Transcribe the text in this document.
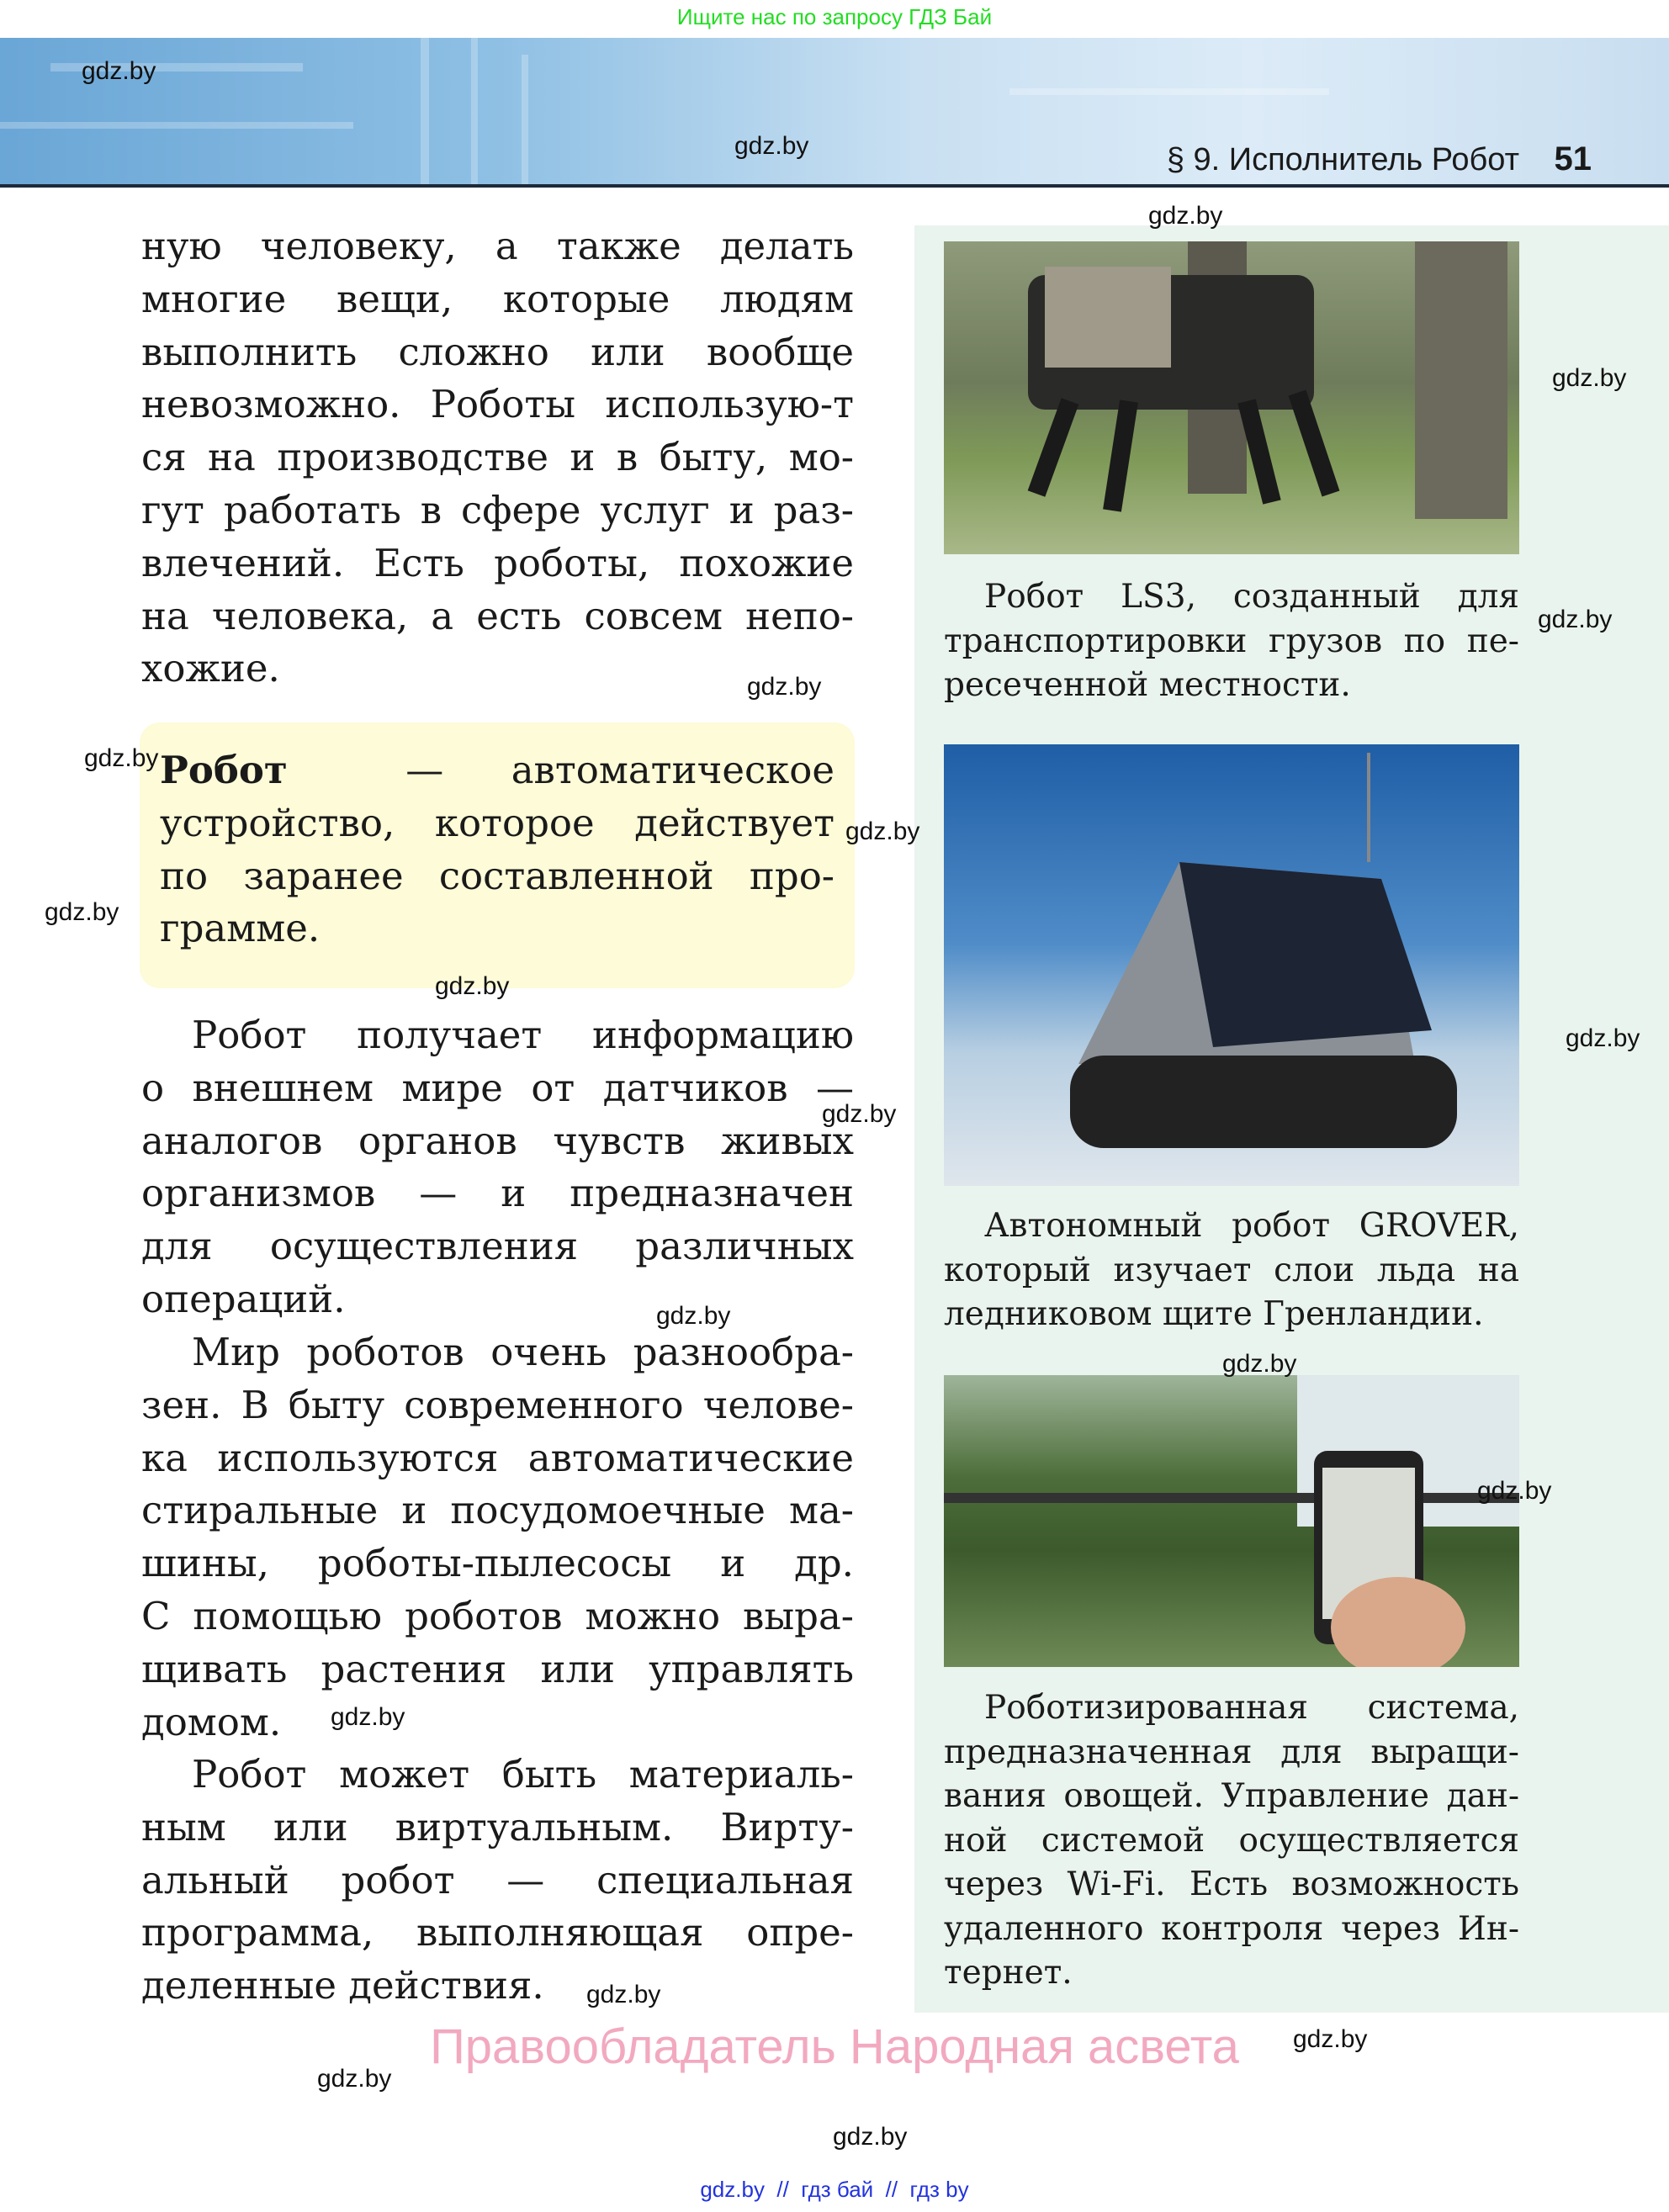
Ищите нас по запросу ГДЗ Бай
§ 9. Исполнитель Робот 51
ную человеку, а также делать
многие вещи, которые людям
выполнить сложно или вообще
невозможно. Роботы использую-т
ся на производстве и в быту, мо-
гут работать в сфере услуг и раз-
влечений. Есть роботы, похожие
на человека, а есть совсем непо-
хожие.
Робот	— автоматическое
устройство, которое действует
по заранее составленной про-
грамме.
Робот получает информацию
о внешнем мире от датчиков —
аналогов органов чувств живых
организмов — и предназначен
для осуществления различных
операций.
Мир роботов очень разнообра-
зен. В быту современного челове-
ка используются автоматические
стиральные и посудомоечные ма-
шины, роботы-пылесосы и др.
С помощью роботов можно выра-
щивать растения или управлять
домом.
Робот может быть материаль-
ным или виртуальным. Вирту-
альный робот — специальная
программа, выполняющая опре-
деленные действия.
Робот LS3, созданный для
транспортировки грузов по пе-
ресеченной местности.
Автономный робот GROVER,
который изучает слои льда на
ледниковом щите Гренландии.
Роботизированная система,
предназначенная для выращи-
вания овощей. Управление дан-
ной системой осуществляется
через Wi-Fi. Есть возможность
удаленного контроля через Ин-
тернет.
gdz.by
gdz.by
gdz.by
gdz.by
gdz.by
gdz.by
gdz.by
gdz.by
gdz.by
gdz.by
gdz.by
gdz.by
gdz.by
gdz.by
gdz.by
gdz.by
gdz.by
gdz.by
gdz.by
gdz.by
Правообладатель Народная асвета
gdz.by  //  гдз бай  //  гдз by
